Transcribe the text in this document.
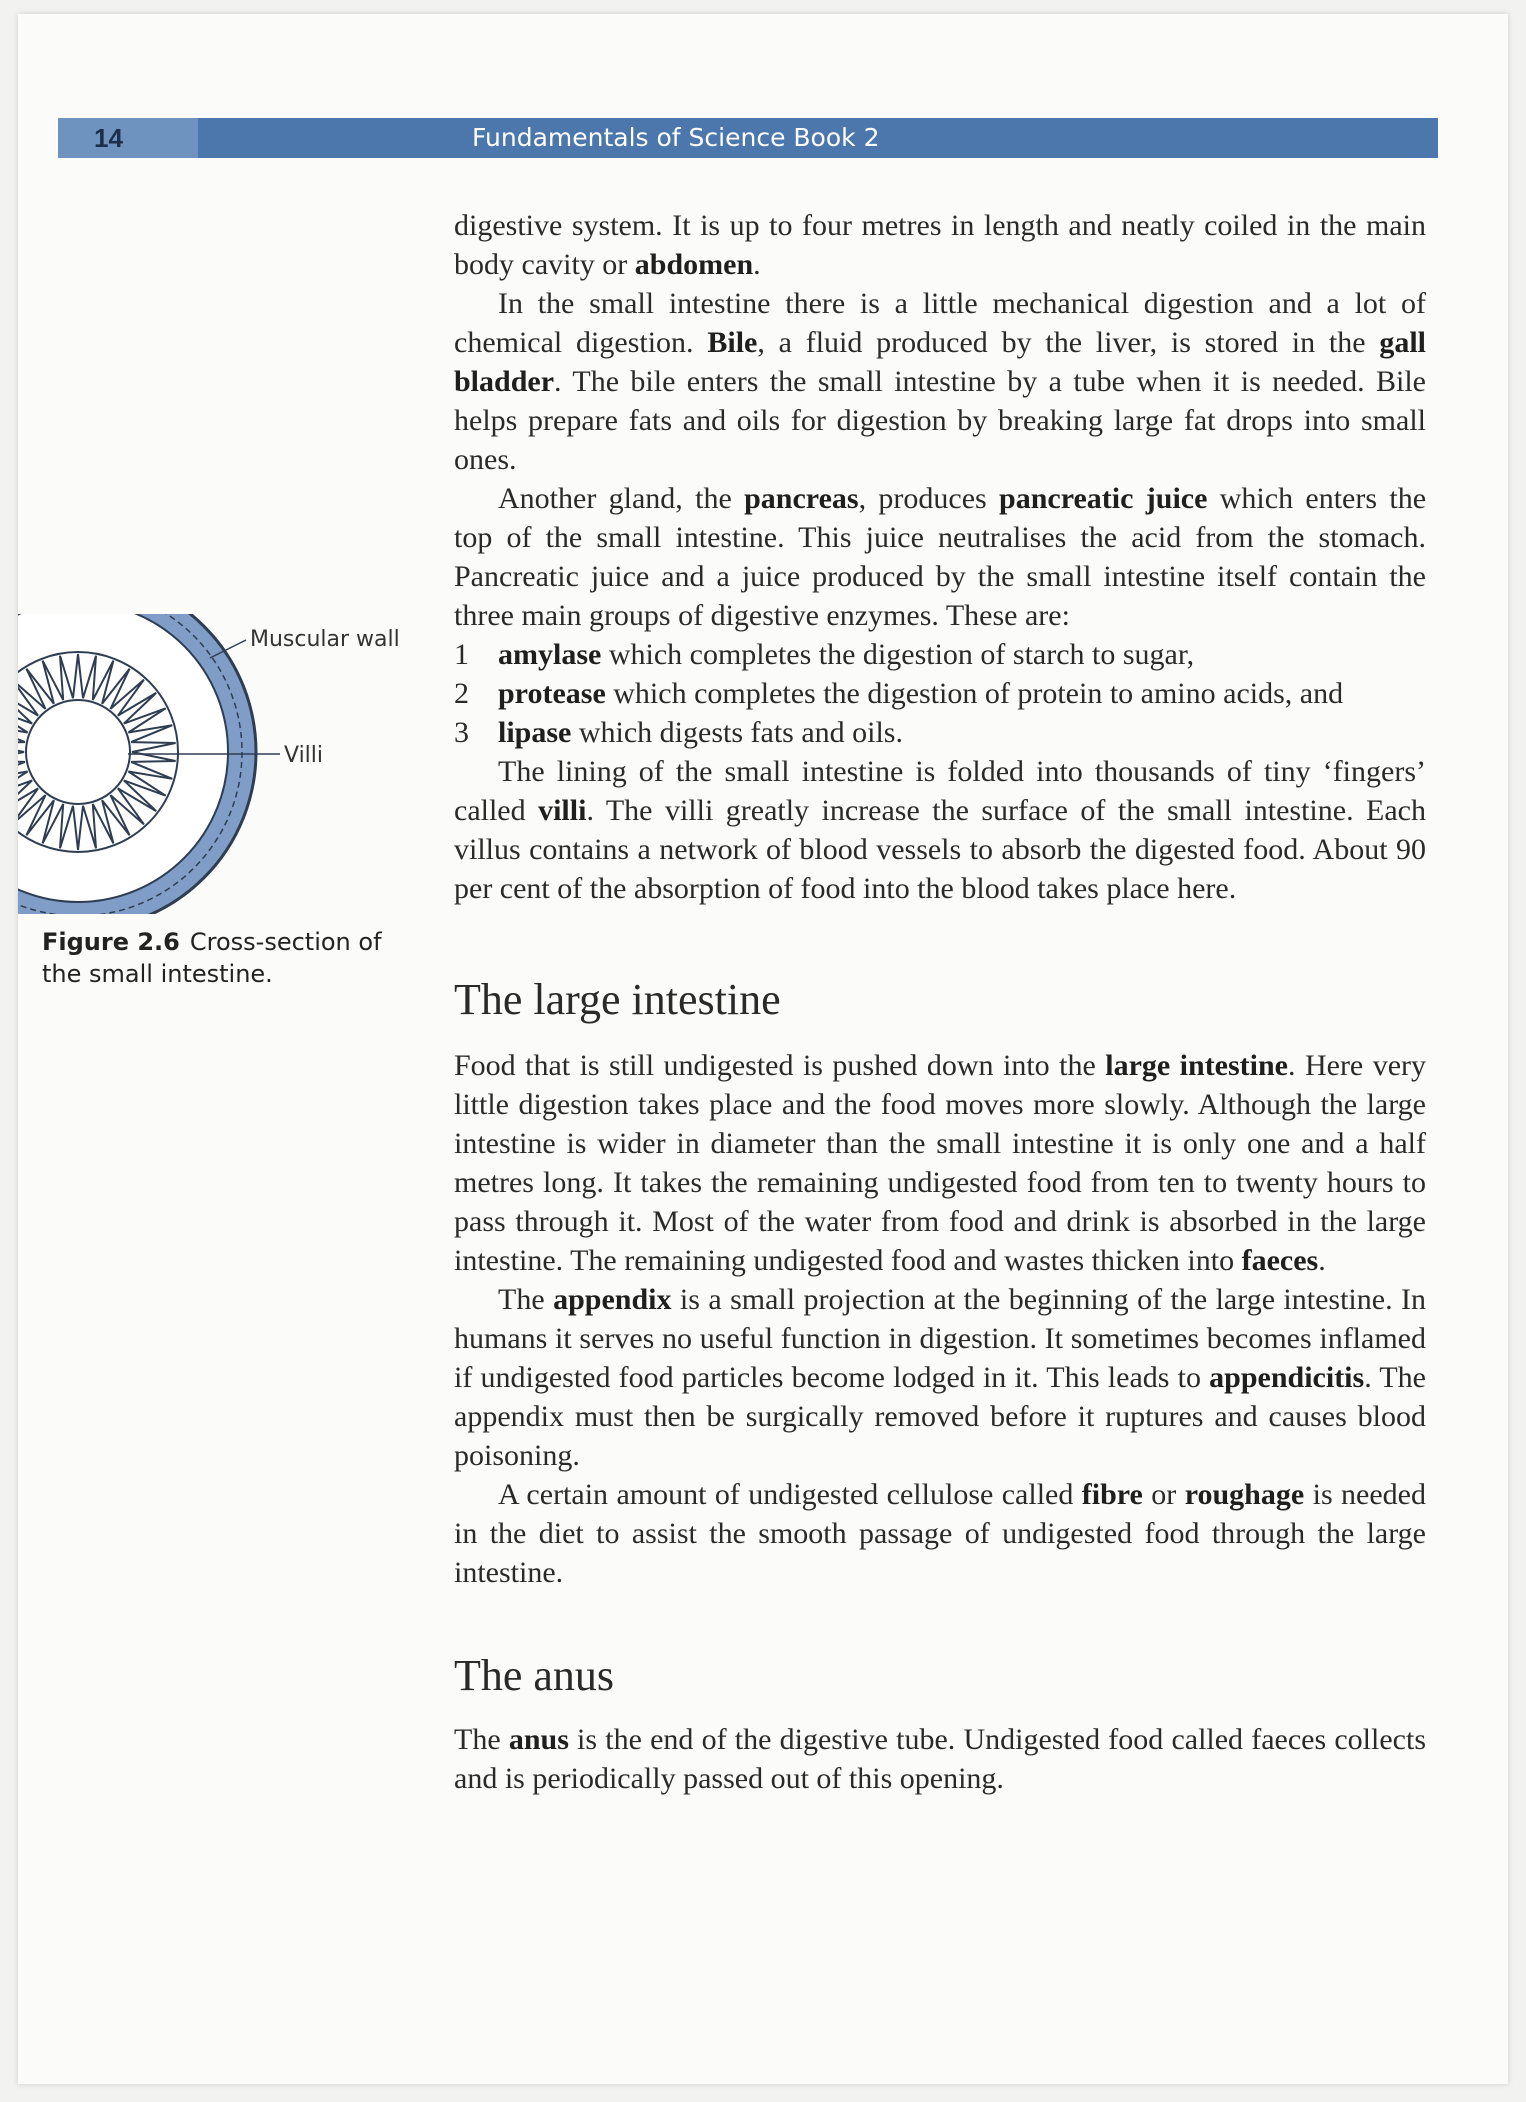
14	Fundamentals of Science Book 2
Muscular wall
Villi
Figure 2.6 Cross-section of the small intestine.

digestive system. It is up to four metres in length and neatly coiled in the main body cavity or abdomen.

In the small intestine there is a little mechanical digestion and a lot of chemical digestion. Bile, a fluid produced by the liver, is stored in the gall bladder. The bile enters the small intestine by a tube when it is needed. Bile helps prepare fats and oils for digestion by breaking large fat drops into small ones.

Another gland, the pancreas, produces pancreatic juice which enters the top of the small intestine. This juice neutralises the acid from the stomach. Pancreatic juice and a juice produced by the small intestine itself contain the three main groups of digestive enzymes. These are:

1 amylase which completes the digestion of starch to sugar,
2 protease which completes the digestion of protein to amino acids, and
3 lipase which digests fats and oils.

The lining of the small intestine is folded into thousands of tiny ‘fingers’ called villi. The villi greatly increase the surface of the small intestine. Each villus contains a network of blood vessels to absorb the digested food. About 90 per cent of the absorption of food into the blood takes place here.

The large intestine

Food that is still undigested is pushed down into the large intestine. Here very little digestion takes place and the food moves more slowly. Although the large intestine is wider in diameter than the small intestine it is only one and a half metres long. It takes the remaining undigested food from ten to twenty hours to pass through it. Most of the water from food and drink is absorbed in the large intestine. The remaining undigested food and wastes thicken into faeces.

The appendix is a small projection at the beginning of the large intestine. In humans it serves no useful function in digestion. It sometimes becomes inflamed if undigested food particles become lodged in it. This leads to appendicitis. The appendix must then be surgically removed before it ruptures and causes blood poisoning.

A certain amount of undigested cellulose called fibre or roughage is needed in the diet to assist the smooth passage of undigested food through the large intestine.

The anus

The anus is the end of the digestive tube. Undigested food called faeces collects and is periodically passed out of this opening.
